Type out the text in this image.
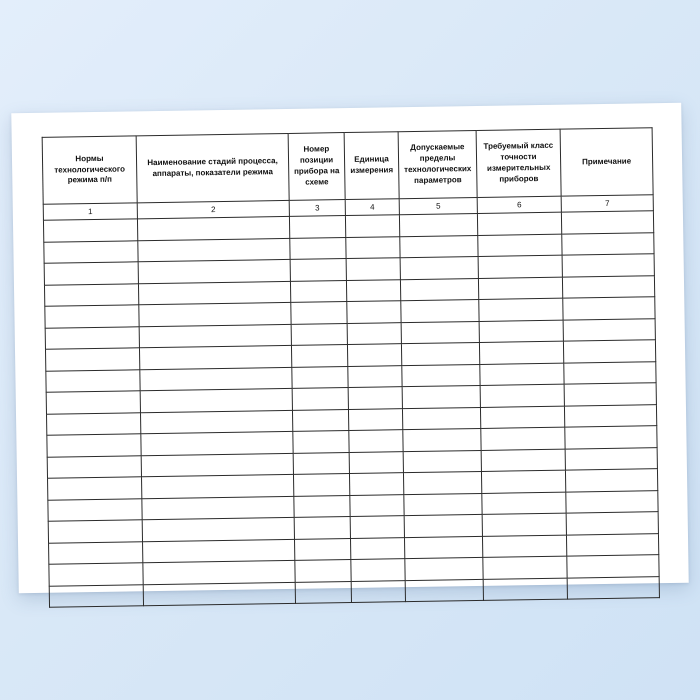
Нормы технологического режима п/п	Наименование стадий процесса, аппараты, показатели режима	Номер позиции прибора на схеме	Единица измерения	Допускаемые пределы технологических параметров	Требуемый класс точности измерительных приборов	Примечание

1	2	3	4	5	6	7
